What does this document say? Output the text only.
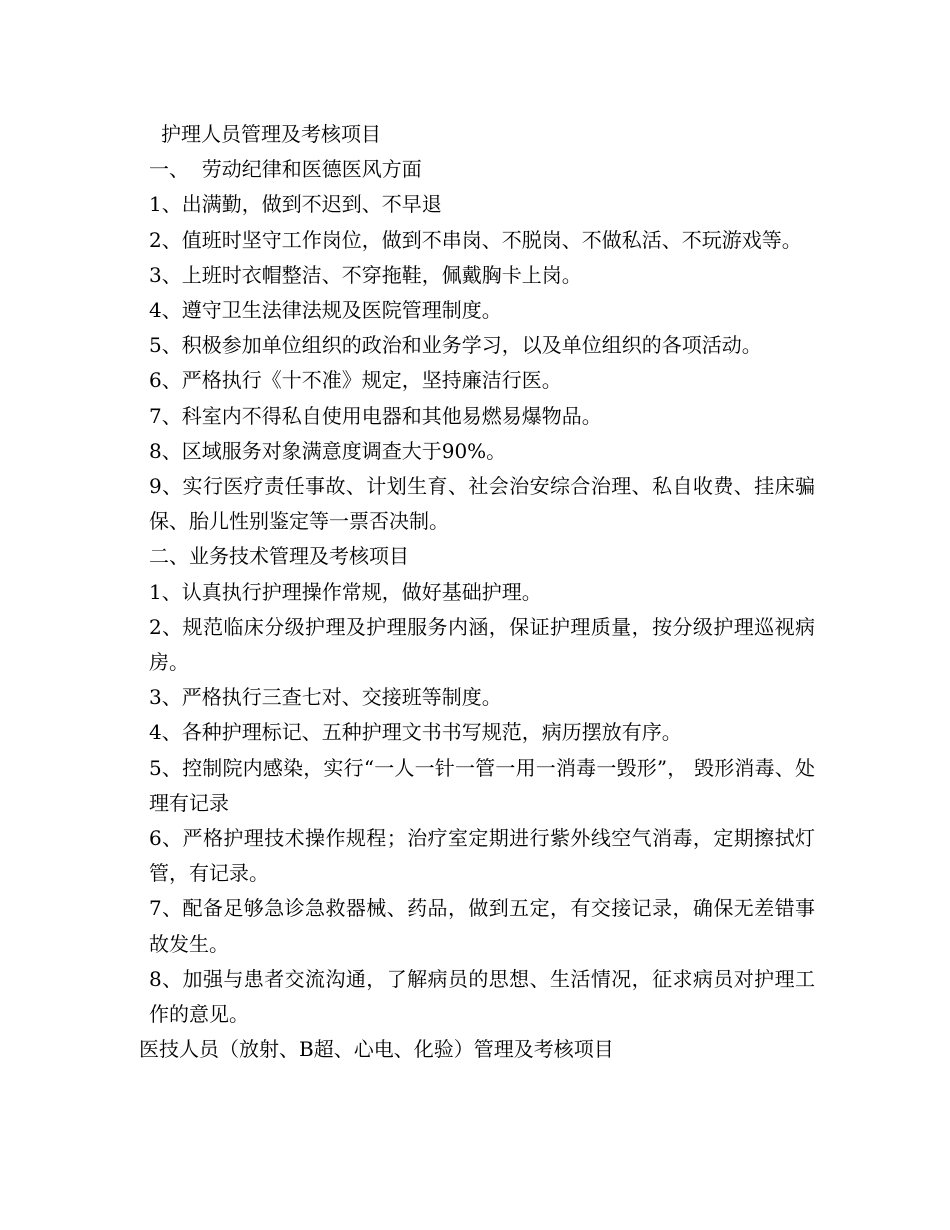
护理人员管理及考核项目

一、  劳动纪律和医德医风方面

1、出满勤，做到不迟到、不早退

2、值班时坚守工作岗位，做到不串岗、不脱岗、不做私活、不玩游戏等。

3、上班时衣帽整洁、不穿拖鞋，佩戴胸卡上岗。

4、遵守卫生法律法规及医院管理制度。

5、积极参加单位组织的政治和业务学习，以及单位组织的各项活动。

6、严格执行《十不准》规定，坚持廉洁行医。

7、科室内不得私自使用电器和其他易燃易爆物品。

8、区域服务对象满意度调查大于90%。

9、实行医疗责任事故、计划生育、社会治安综合治理、私自收费、挂床骗保、胎儿性别鉴定等一票否决制。

二、业务技术管理及考核项目

1、认真执行护理操作常规，做好基础护理。

2、规范临床分级护理及护理服务内涵，保证护理质量，按分级护理巡视病房。

3、严格执行三查七对、交接班等制度。

4、各种护理标记、五种护理文书书写规范，病历摆放有序。

5、控制院内感染，实行“一人一针一管一用一消毒一毁形”， 毁形消毒、处理有记录

6、严格护理技术操作规程；治疗室定期进行紫外线空气消毒，定期擦拭灯管，有记录。

7、配备足够急诊急救器械、药品，做到五定，有交接记录，确保无差错事故发生。

8、加强与患者交流沟通，了解病员的思想、生活情况，征求病员对护理工作的意见。

医技人员（放射、B超、心电、化验）管理及考核项目
